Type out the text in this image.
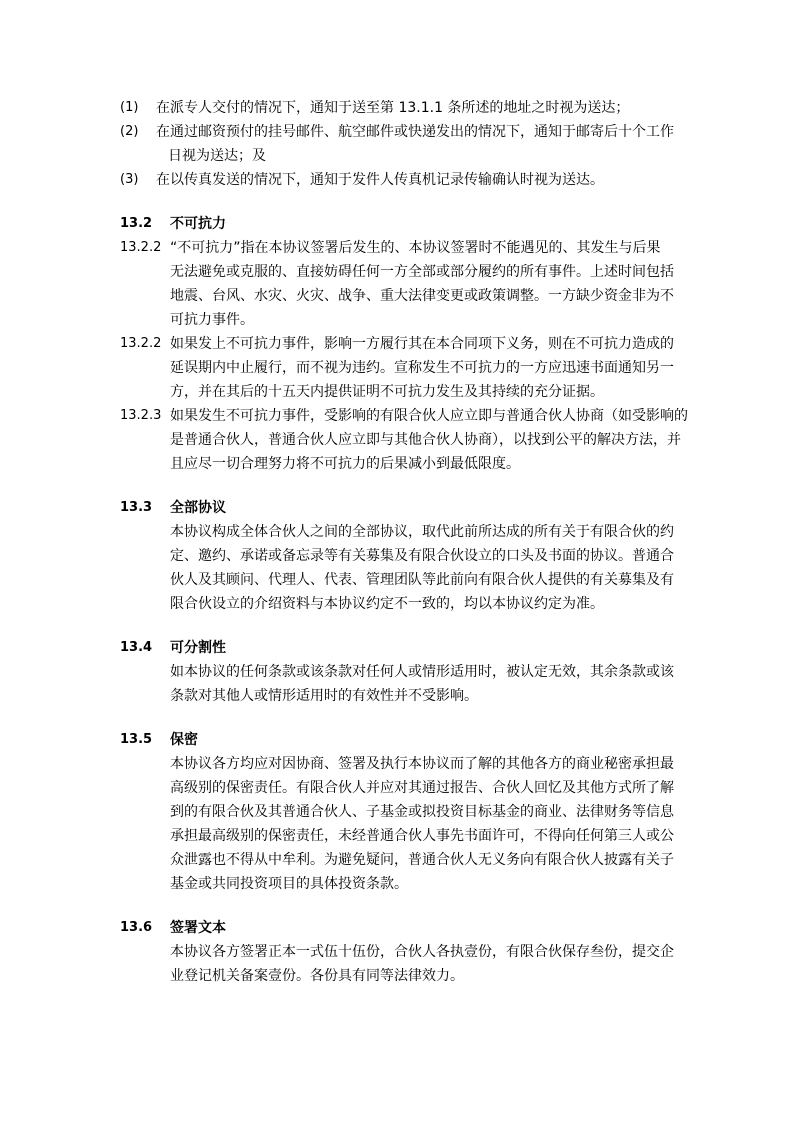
(1) 在派专人交付的情况下，通知于送至第 13.1.1 条所述的地址之时视为送达；
(2) 在通过邮资预付的挂号邮件、航空邮件或快递发出的情况下，通知于邮寄后十个工作
日视为送达；及
(3) 在以传真发送的情况下，通知于发件人传真机记录传输确认时视为送达。
13.2 不可抗力
13.2.2 “不可抗力”指在本协议签署后发生的、本协议签署时不能遇见的、其发生与后果
无法避免或克服的、直接妨碍任何一方全部或部分履约的所有事件。上述时间包括
地震、台风、水灾、火灾、战争、重大法律变更或政策调整。一方缺少资金非为不
可抗力事件。
13.2.2 如果发上不可抗力事件，影响一方履行其在本合同项下义务，则在不可抗力造成的
延误期内中止履行，而不视为违约。宣称发生不可抗力的一方应迅速书面通知另一
方，并在其后的十五天内提供证明不可抗力发生及其持续的充分证据。
13.2.3 如果发生不可抗力事件，受影响的有限合伙人应立即与普通合伙人协商（如受影响的
是普通合伙人，普通合伙人应立即与其他合伙人协商），以找到公平的解决方法，并
且应尽一切合理努力将不可抗力的后果减小到最低限度。
13.3 全部协议
本协议构成全体合伙人之间的全部协议，取代此前所达成的所有关于有限合伙的约
定、邀约、承诺或备忘录等有关募集及有限合伙设立的口头及书面的协议。普通合
伙人及其顾问、代理人、代表、管理团队等此前向有限合伙人提供的有关募集及有
限合伙设立的介绍资料与本协议约定不一致的，均以本协议约定为准。
13.4 可分割性
如本协议的任何条款或该条款对任何人或情形适用时，被认定无效，其余条款或该
条款对其他人或情形适用时的有效性并不受影响。
13.5 保密
本协议各方均应对因协商、签署及执行本协议而了解的其他各方的商业秘密承担最
高级别的保密责任。有限合伙人并应对其通过报告、合伙人回忆及其他方式所了解
到的有限合伙及其普通合伙人、子基金或拟投资目标基金的商业、法律财务等信息
承担最高级别的保密责任，未经普通合伙人事先书面许可，不得向任何第三人或公
众泄露也不得从中牟利。为避免疑问，普通合伙人无义务向有限合伙人披露有关子
基金或共同投资项目的具体投资条款。
13.6 签署文本
本协议各方签署正本一式伍十伍份，合伙人各执壹份，有限合伙保存叁份，提交企
业登记机关备案壹份。各份具有同等法律效力。
